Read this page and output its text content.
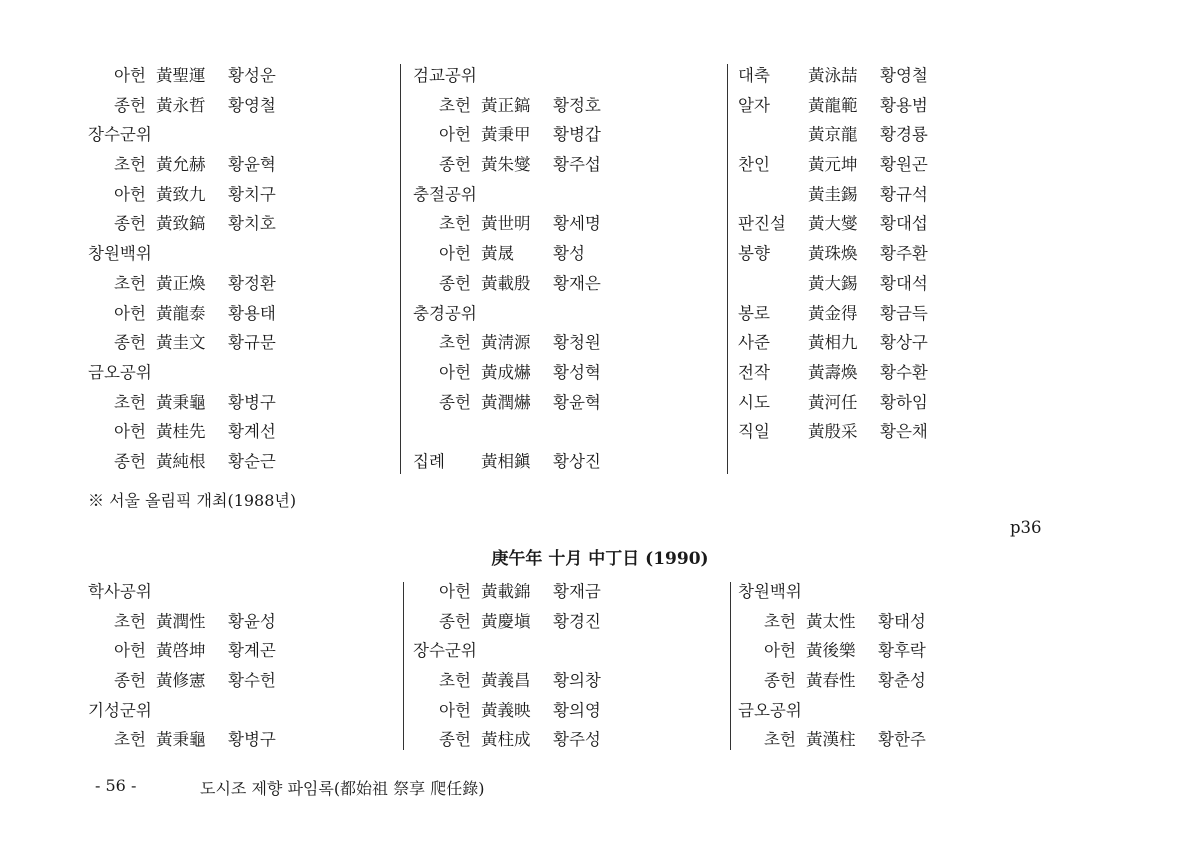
아헌 黃聖運 황성운
종헌 黃永哲 황영철
장수군위
초헌 黃允赫 황윤혁
아헌 黃致九 황치구
종헌 黃致鎬 황치호
창원백위
초헌 黃正煥 황정환
아헌 黃龍泰 황용태
종헌 黃圭文 황규문
금오공위
초헌 黃秉龜 황병구
아헌 黃桂先 황계선
종헌 黃純根 황순근
검교공위
초헌 黃正鎬 황정호
아헌 黃秉甲 황병갑
종헌 黃朱燮 황주섭
충절공위
초헌 黃世明 황세명
아헌 黃晟 황성
종헌 黃載殷 황재은
충경공위
초헌 黃淸源 황청원
아헌 黃成爀 황성혁
종헌 黃潤爀 황윤혁
집례 黃相鎭 황상진
대축 黃泳喆 황영철
알자 黃龍範 황용범
黃京龍 황경룡
찬인 黃元坤 황원곤
黃圭錫 황규석
판진설 黃大燮 황대섭
봉향 黃珠煥 황주환
黃大錫 황대석
봉로 黃金得 황금득
사준 黃相九 황상구
전작 黃壽煥 황수환
시도 黃河任 황하임
직일 黃殷采 황은채
※ 서울 올림픽 개최(1988년)
p36
庚午年 十月 中丁日 (1990)
학사공위
초헌 黃潤性 황윤성
아헌 黃啓坤 황계곤
종헌 黃修憲 황수헌
기성군위
초헌 黃秉龜 황병구
아헌 黃載錦 황재금
종헌 黃慶塡 황경진
장수군위
초헌 黃義昌 황의창
아헌 黃義映 황의영
종헌 黃柱成 황주성
창원백위
초헌 黃太性 황태성
아헌 黃後樂 황후락
종헌 黃春性 황춘성
금오공위
초헌 黃漢柱 황한주
- 56 -	도시조 제향 파임록(都始祖 祭享 爬任錄)
